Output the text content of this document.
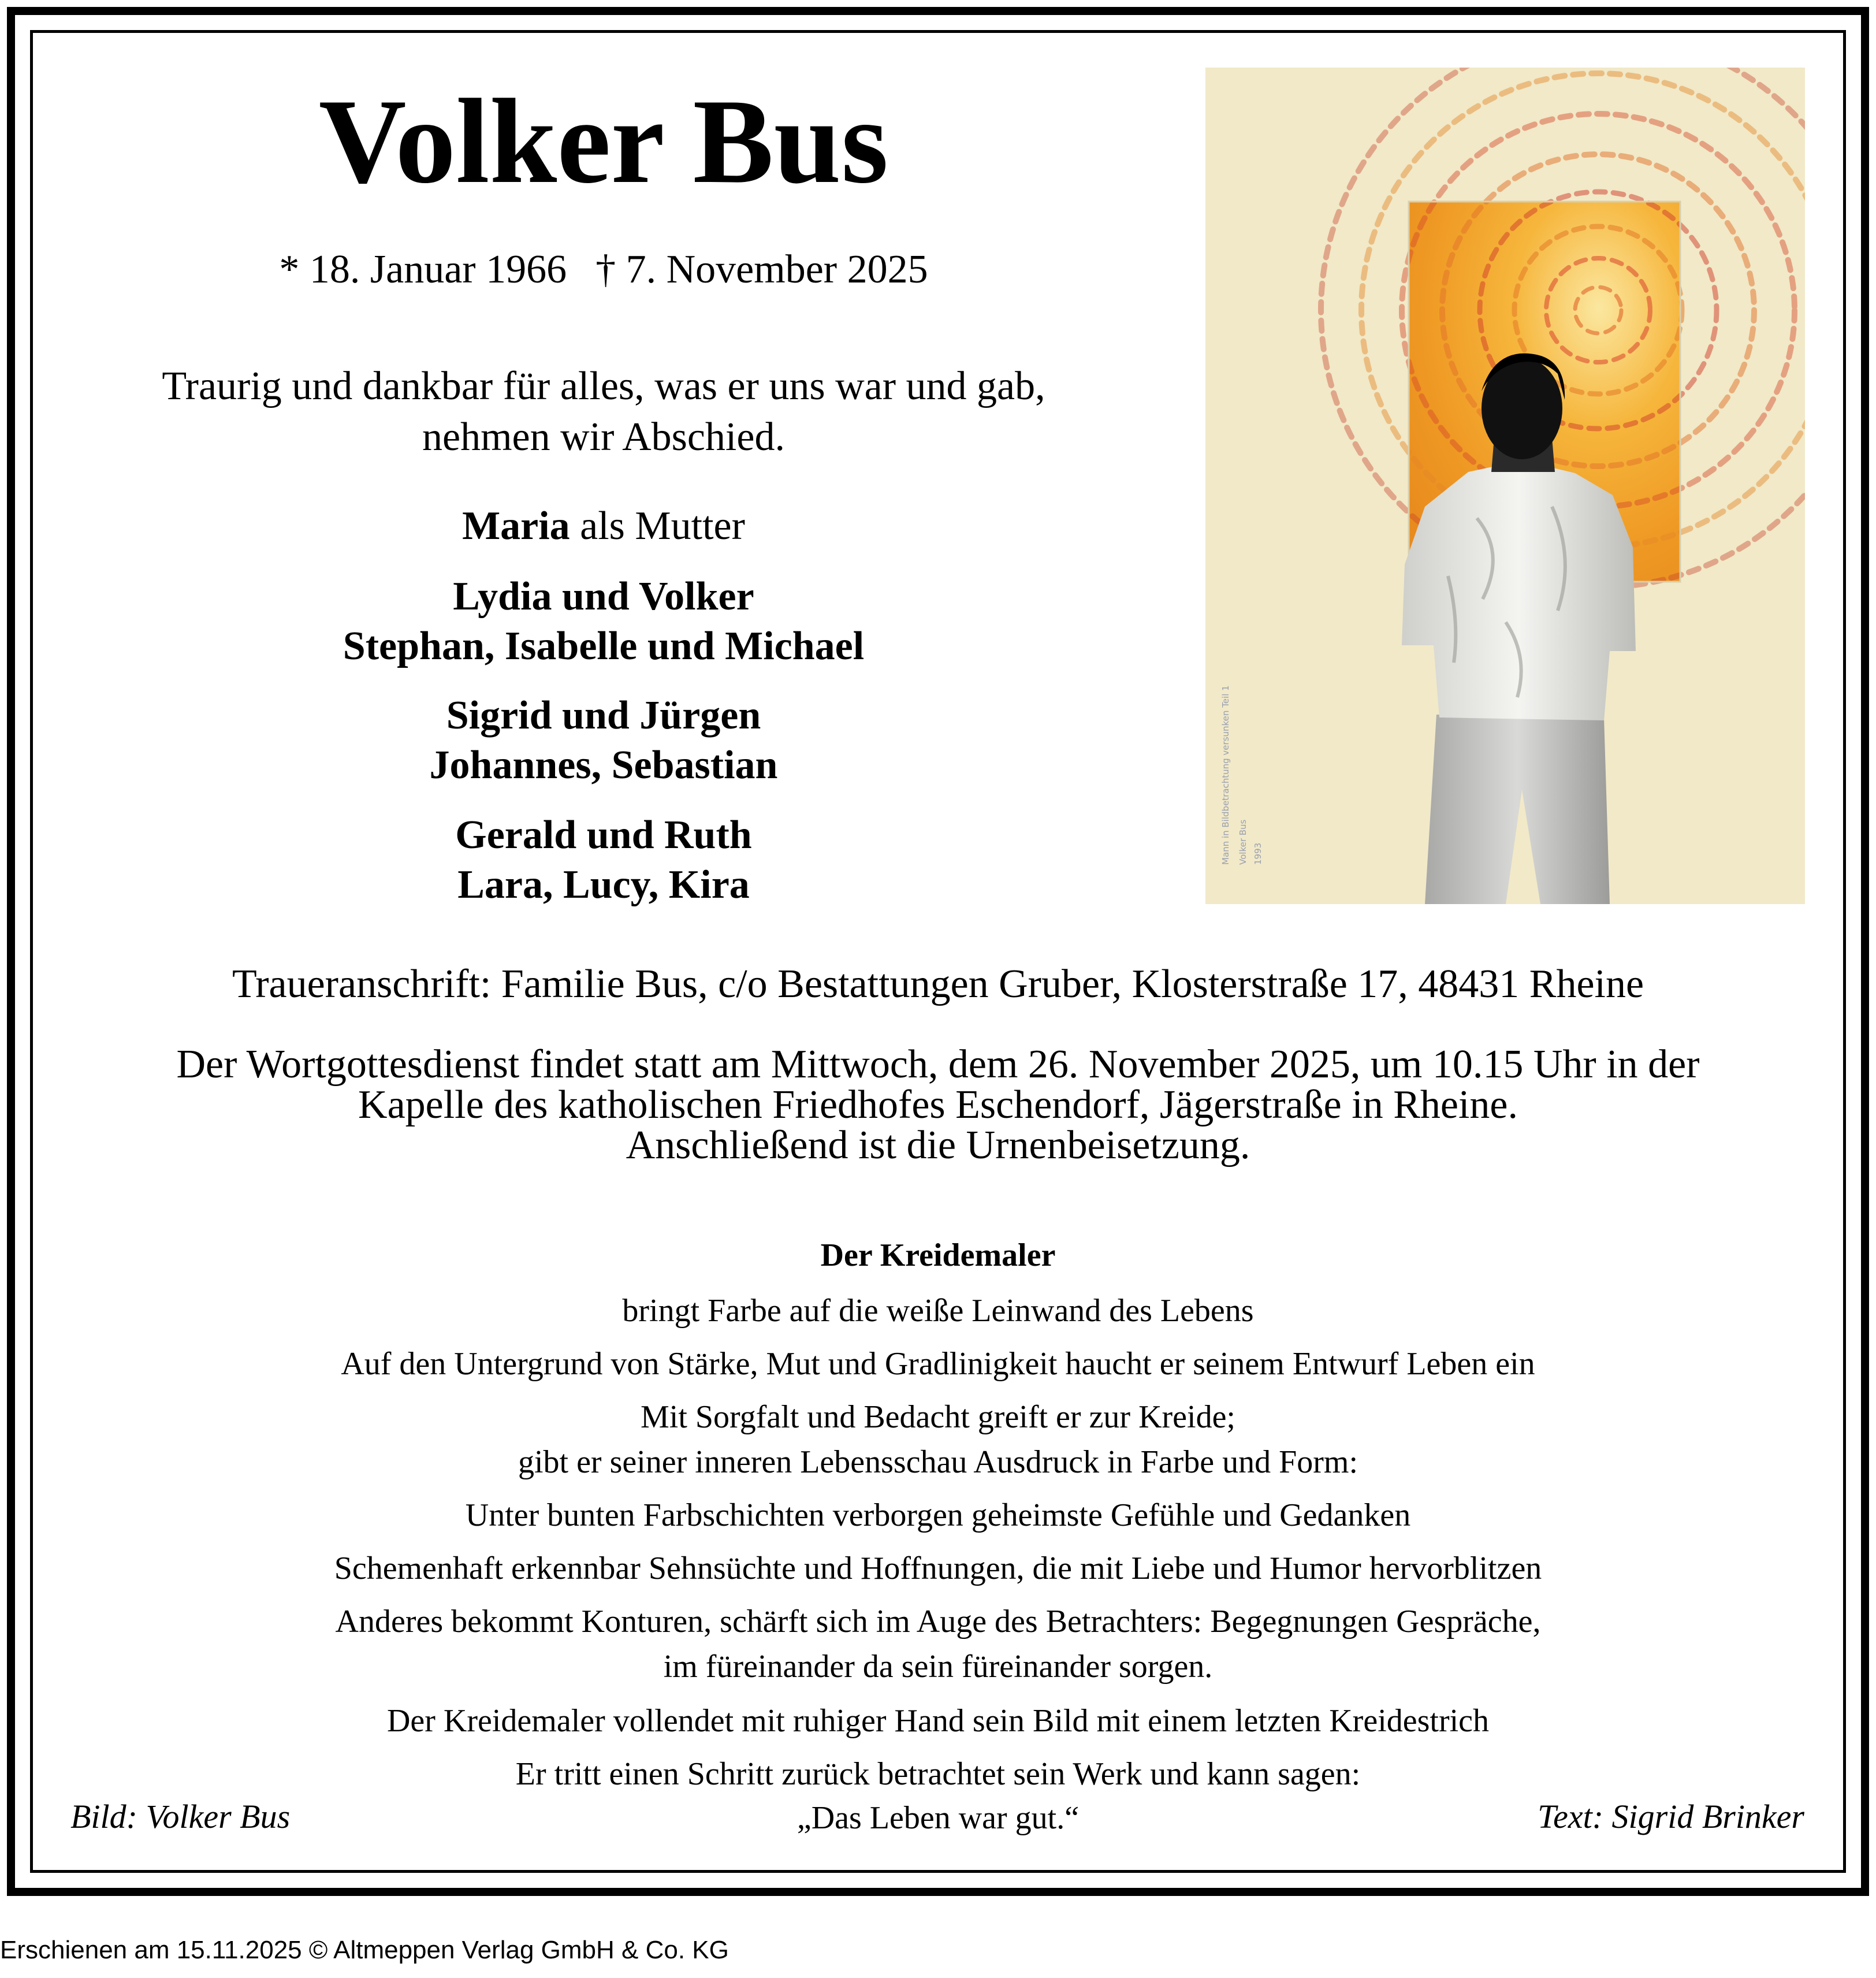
Volker Bus
* 18. Januar 1966 † 7. November 2025
Traurig und dankbar für alles, was er uns war und gab,
nehmen wir Abschied.
Maria als Mutter
Lydia und Volker
Stephan, Isabelle und Michael
Sigrid und Jürgen
Johannes, Sebastian
Gerald und Ruth
Lara, Lucy, Kira
Mann in Bildbetrachtung versunken Teil 1 Volker Bus 1993
Traueranschrift: Familie Bus, c/o Bestattungen Gruber, Klosterstraße 17, 48431 Rheine
Der Wortgottesdienst findet statt am Mittwoch, dem 26. November 2025, um 10.15 Uhr in der
Kapelle des katholischen Friedhofes Eschendorf, Jägerstraße in Rheine.
Anschließend ist die Urnenbeisetzung.
Der Kreidemaler
bringt Farbe auf die weiße Leinwand des Lebens
Auf den Untergrund von Stärke, Mut und Gradlinigkeit haucht er seinem Entwurf Leben ein
Mit Sorgfalt und Bedacht greift er zur Kreide;
gibt er seiner inneren Lebensschau Ausdruck in Farbe und Form:
Unter bunten Farbschichten verborgen geheimste Gefühle und Gedanken
Schemenhaft erkennbar Sehnsüchte und Hoffnungen, die mit Liebe und Humor hervorblitzen
Anderes bekommt Konturen, schärft sich im Auge des Betrachters: Begegnungen Gespräche,
im füreinander da sein füreinander sorgen.
Der Kreidemaler vollendet mit ruhiger Hand sein Bild mit einem letzten Kreidestrich
Er tritt einen Schritt zurück betrachtet sein Werk und kann sagen:
„Das Leben war gut.“
Bild: Volker Bus	Text: Sigrid Brinker
Erschienen am 15.11.2025 © Altmeppen Verlag GmbH & Co. KG
